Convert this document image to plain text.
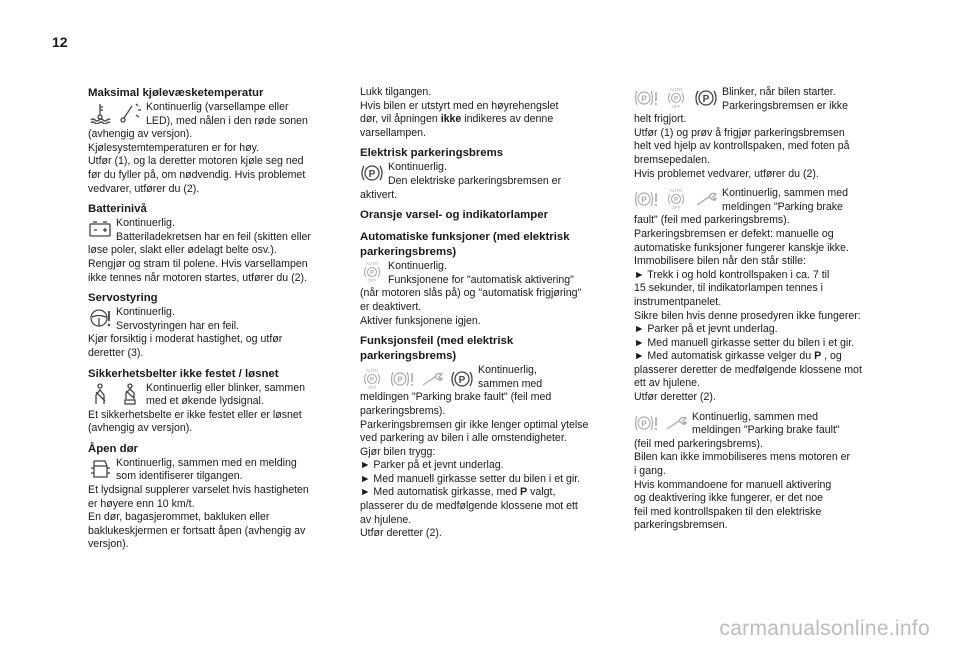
12
Maksimal kjølevæsketemperatur

Kontinuerlig (varsellampe eller

LED), med nålen i den røde sonen

(avhengig av versjon).

Kjølesystemtemperaturen er for høy.

Utfør (1), og la deretter motoren kjøle seg ned

før du fyller på, om nødvendig. Hvis problemet

vedvarer, utfører du (2).

Batterinivå

Kontinuerlig.

Batteriladekretsen har en feil (skitten eller

løse poler, slakt eller ødelagt belte osv.).

Rengjør og stram til polene. Hvis varsellampen

ikke tennes når motoren startes, utfører du (2).

Servostyring

Kontinuerlig.

Servostyringen har en feil.

Kjør forsiktig i moderat hastighet, og utfør

deretter (3).

Sikkerhetsbelter ikke festet / løsnet

Kontinuerlig eller blinker, sammen

med et økende lydsignal.

Et sikkerhetsbelte er ikke festet eller er løsnet

(avhengig av versjon).

Åpen dør

Kontinuerlig, sammen med en melding

som identifiserer tilgangen.

Et lydsignal supplerer varselet hvis hastigheten

er høyere enn 10 km/t.

En dør, bagasjerommet, bakluken eller

baklukeskjermen er fortsatt åpen (avhengig av

versjon).

Lukk tilgangen.

Hvis bilen er utstyrt med en høyrehengslet

dør, vil åpningen ikke indikeres av denne

varsellampen.

Elektrisk parkeringsbrems
P

Kontinuerlig.

Den elektriske parkeringsbremsen er

aktivert.

Oransje varsel- og indikatorlamper
Automatiske funksjoner (med elektrisk
parkeringsbrems)
AUTO
P
OFF

Kontinuerlig.

Funksjonene for "automatisk aktivering"

(når motoren slås på) og "automatisk frigjøring"

er deaktivert.

Aktiver funksjonene igjen.

Funksjonsfeil (med elektrisk
parkeringsbrems)
AUTO
P
OFF
P	P

Kontinuerlig,

sammen med

meldingen "Parking brake fault" (feil med

parkeringsbrems).

Parkeringsbremsen gir ikke lenger optimal ytelse

ved parkering av bilen i alle omstendigheter.

Gjør bilen trygg:

► Parker på et jevnt underlag.

► Med manuell girkasse setter du bilen i et gir.

► Med automatisk girkasse, med P valgt,

plasserer du de medfølgende klossene mot ett

av hjulene.

Utfør deretter (2).

P
AUTO
P
OFF
P

Blinker, når bilen starter.

Parkeringsbremsen er ikke

helt frigjort.

Utfør (1) og prøv å frigjør parkeringsbremsen

helt ved hjelp av kontrollspaken, med foten på

bremsepedalen.

Hvis problemet vedvarer, utfører du (2).

P
AUTO
P
OFF

Kontinuerlig, sammen med

meldingen "Parking brake

fault" (feil med parkeringsbrems).

Parkeringsbremsen er defekt: manuelle og

automatiske funksjoner fungerer kanskje ikke.

Immobilisere bilen når den står stille:

► Trekk i og hold kontrollspaken i ca. 7 til

15 sekunder, til indikatorlampen tennes i

instrumentpanelet.

Sikre bilen hvis denne prosedyren ikke fungerer:

► Parker på et jevnt underlag.

► Med manuell girkasse setter du bilen i et gir.

► Med automatisk girkasse velger du P , og

plasserer deretter de medfølgende klossene mot

ett av hjulene.

Utfør deretter (2).

P

Kontinuerlig, sammen med

meldingen "Parking brake fault"

(feil med parkeringsbrems).

Bilen kan ikke immobiliseres mens motoren er

i gang.

Hvis kommandoene for manuell aktivering

og deaktivering ikke fungerer, er det noe

feil med kontrollspaken til den elektriske

parkeringsbremsen.

carmanualsonline.info
